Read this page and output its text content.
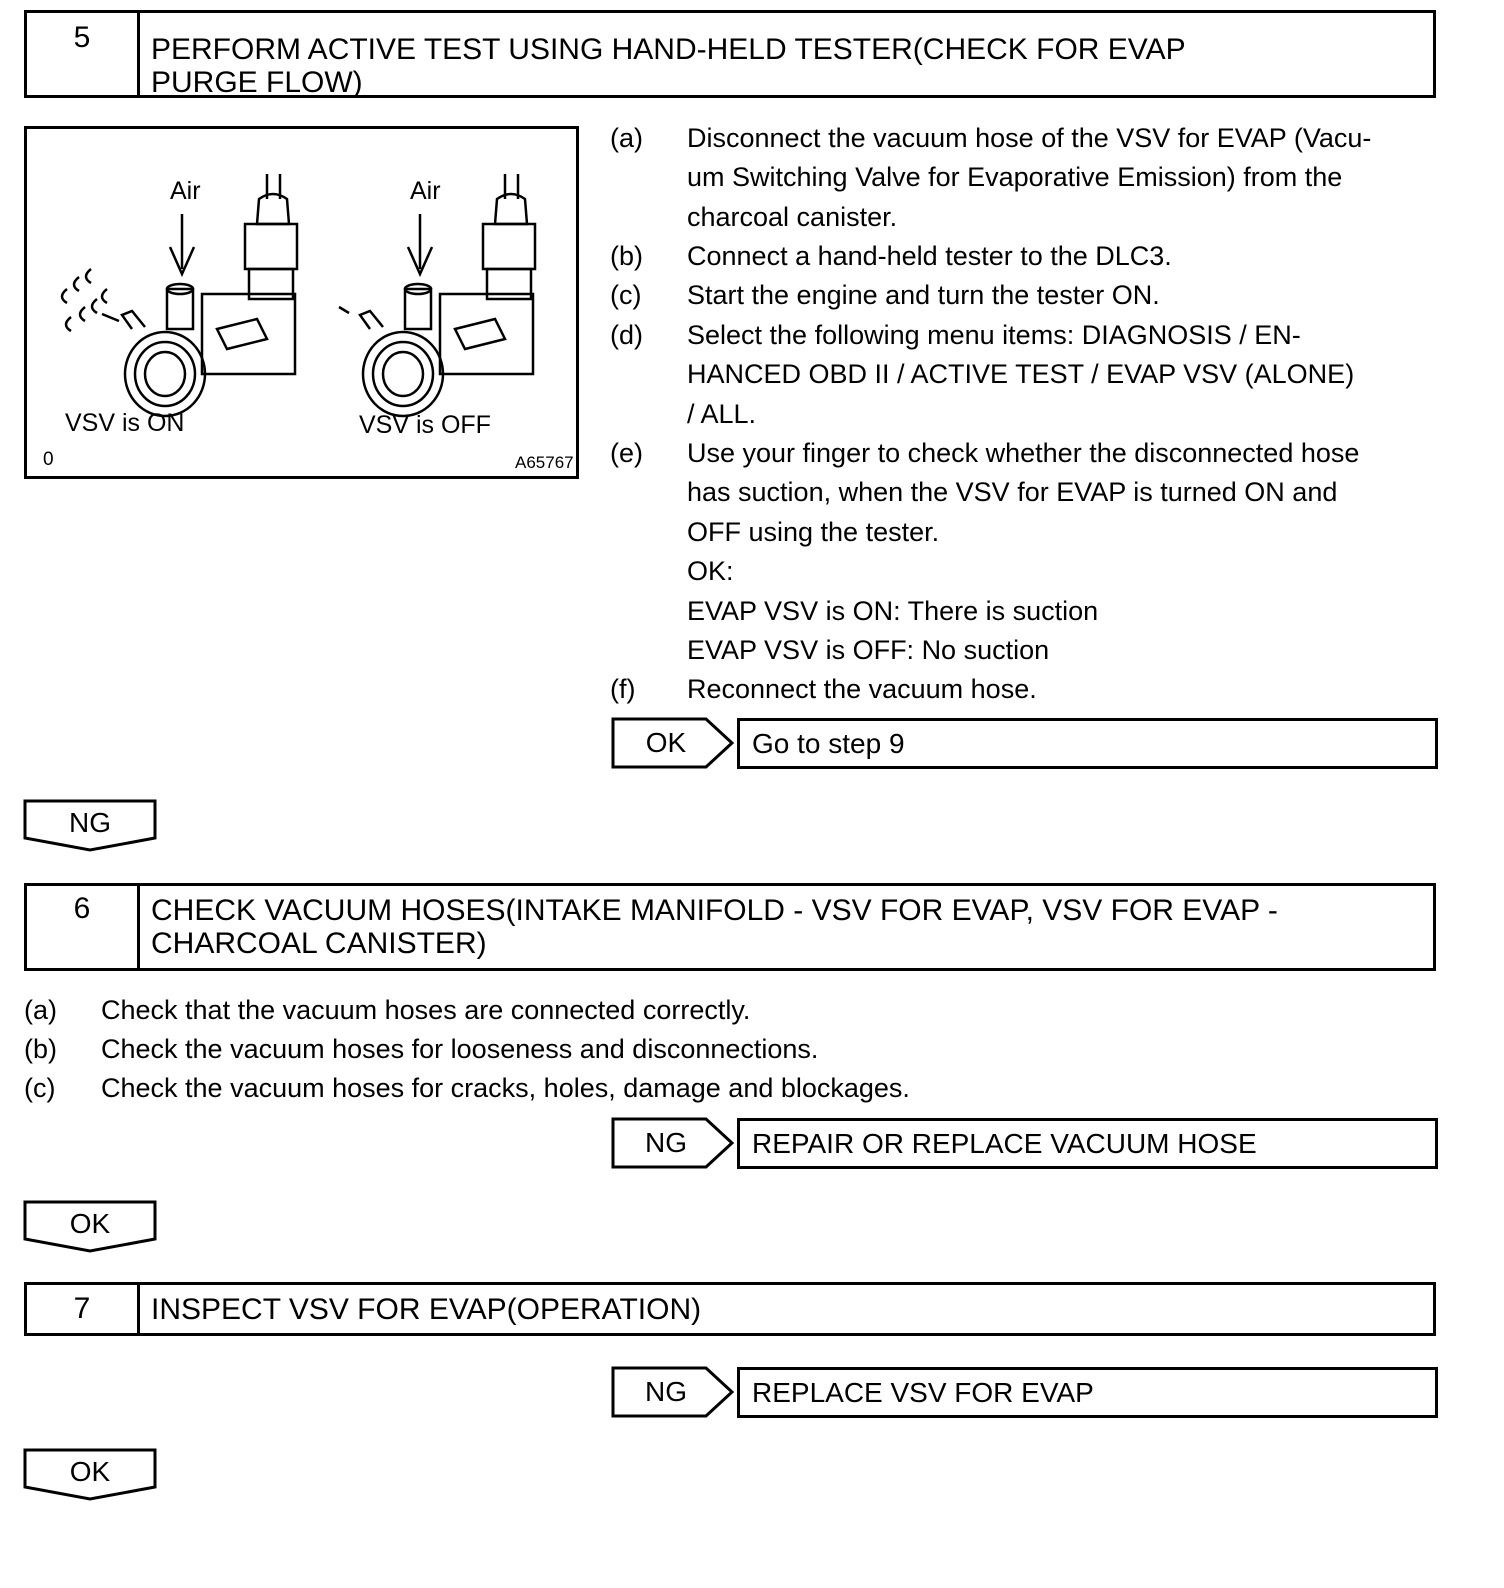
5	PERFORM ACTIVE TEST USING HAND-HELD TESTER(CHECK FOR EVAP
PURGE FLOW)
Air	Air
VSV is ON	VSV is OFF
0	A65767
(a) Disconnect the vacuum hose of the VSV for EVAP (Vacu-
um Switching Valve for Evaporative Emission) from the
charcoal canister.
(b) Connect a hand-held tester to the DLC3.
(c) Start the engine and turn the tester ON.
(d) Select the following menu items: DIAGNOSIS / EN-
HANCED OBD II / ACTIVE TEST / EVAP VSV (ALONE)
/ ALL.
(e) Use your finger to check whether the disconnected hose
has suction, when the VSV for EVAP is turned ON and
OFF using the tester.
OK:
EVAP VSV is ON: There is suction
EVAP VSV is OFF: No suction
(f) Reconnect the vacuum hose.
OK	Go to step 9
NG
6	CHECK VACUUM HOSES(INTAKE MANIFOLD - VSV FOR EVAP, VSV FOR EVAP -
CHARCOAL CANISTER)
(a) Check that the vacuum hoses are connected correctly.
(b) Check the vacuum hoses for looseness and disconnections.
(c) Check the vacuum hoses for cracks, holes, damage and blockages.
NG	REPAIR OR REPLACE VACUUM HOSE
OK
7	INSPECT VSV FOR EVAP(OPERATION)
NG	REPLACE VSV FOR EVAP
OK
